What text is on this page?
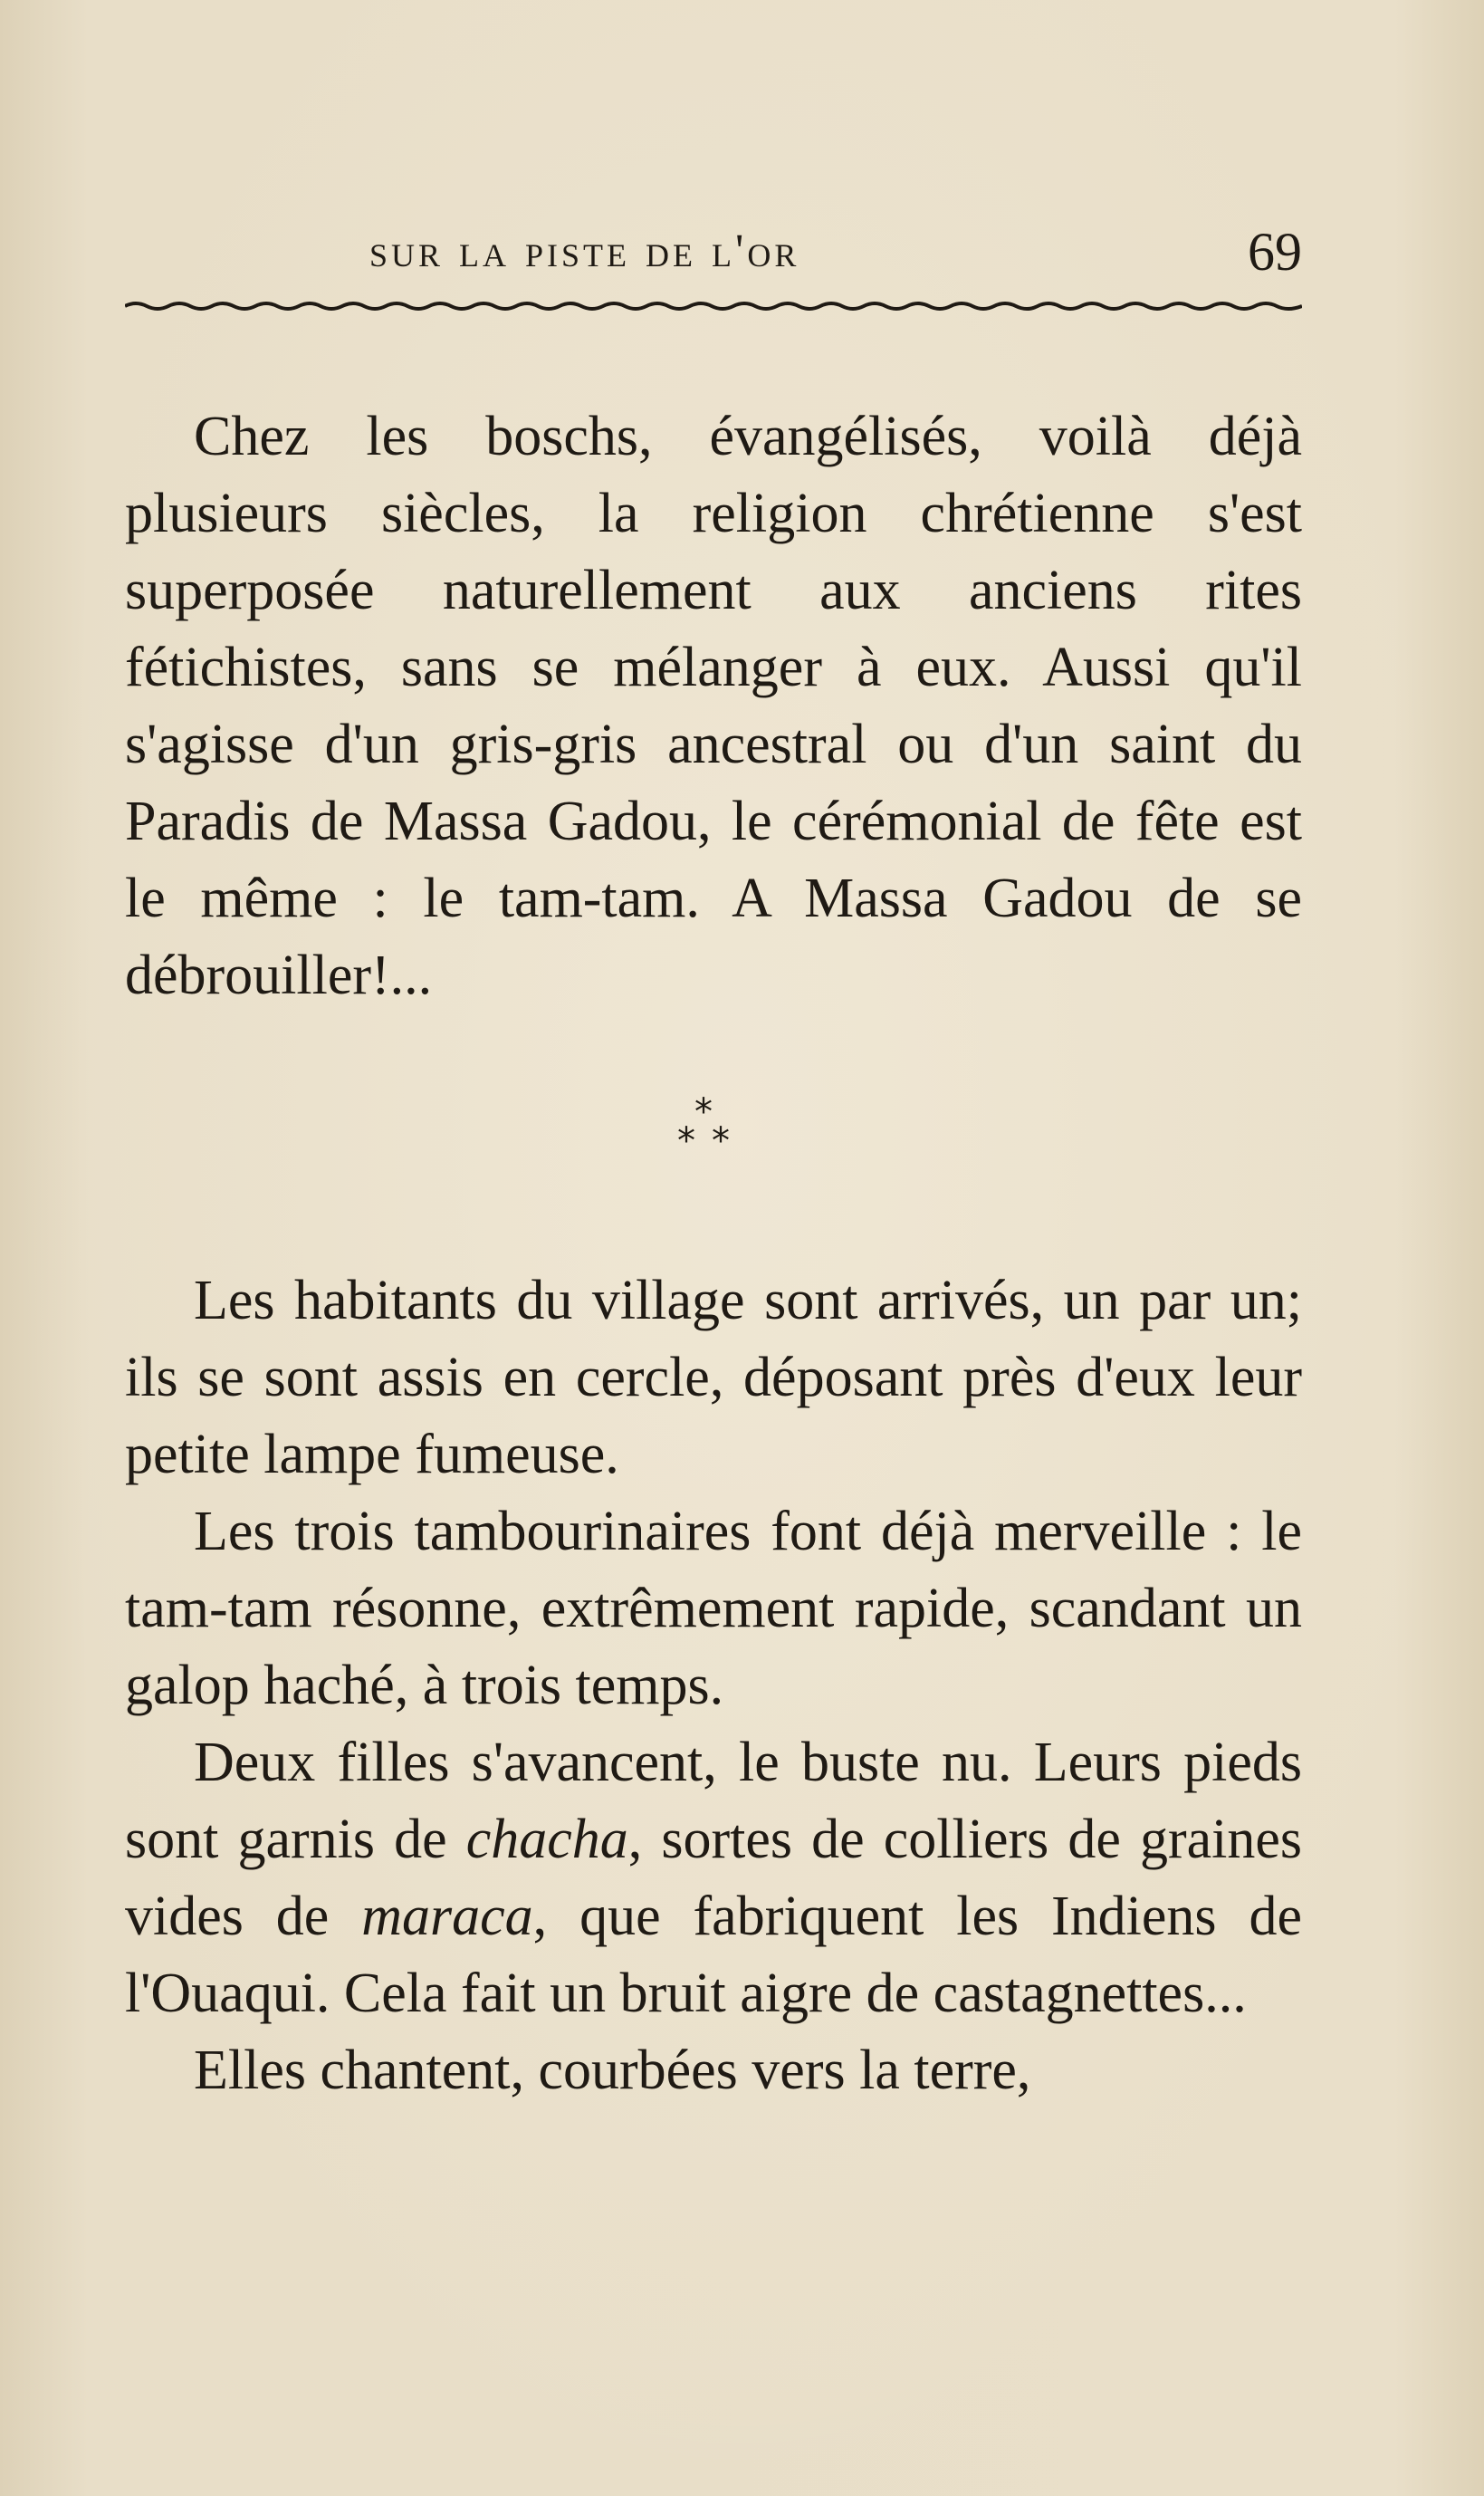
sur la piste de l'or	69

Chez les boschs, évangélisés, voilà déjà plusieurs siècles, la religion chrétienne s'est superposée naturellement aux anciens rites fétichistes, sans se mélanger à eux. Aussi qu'il s'agisse d'un gris-gris ancestral ou d'un saint du Paradis de Massa Gadou, le cérémonial de fête est le même : le tam-tam. A Massa Gadou de se débrouiller!...

*
* *

Les habitants du village sont arrivés, un par un; ils se sont assis en cercle, déposant près d'eux leur petite lampe fumeuse.

Les trois tambourinaires font déjà merveille : le tam-tam résonne, extrêmement rapide, scandant un galop haché, à trois temps.

Deux filles s'avancent, le buste nu. Leurs pieds sont garnis de chacha, sortes de colliers de graines vides de maraca, que fabriquent les Indiens de l'Ouaqui. Cela fait un bruit aigre de castagnettes...

Elles chantent, courbées vers la terre,
